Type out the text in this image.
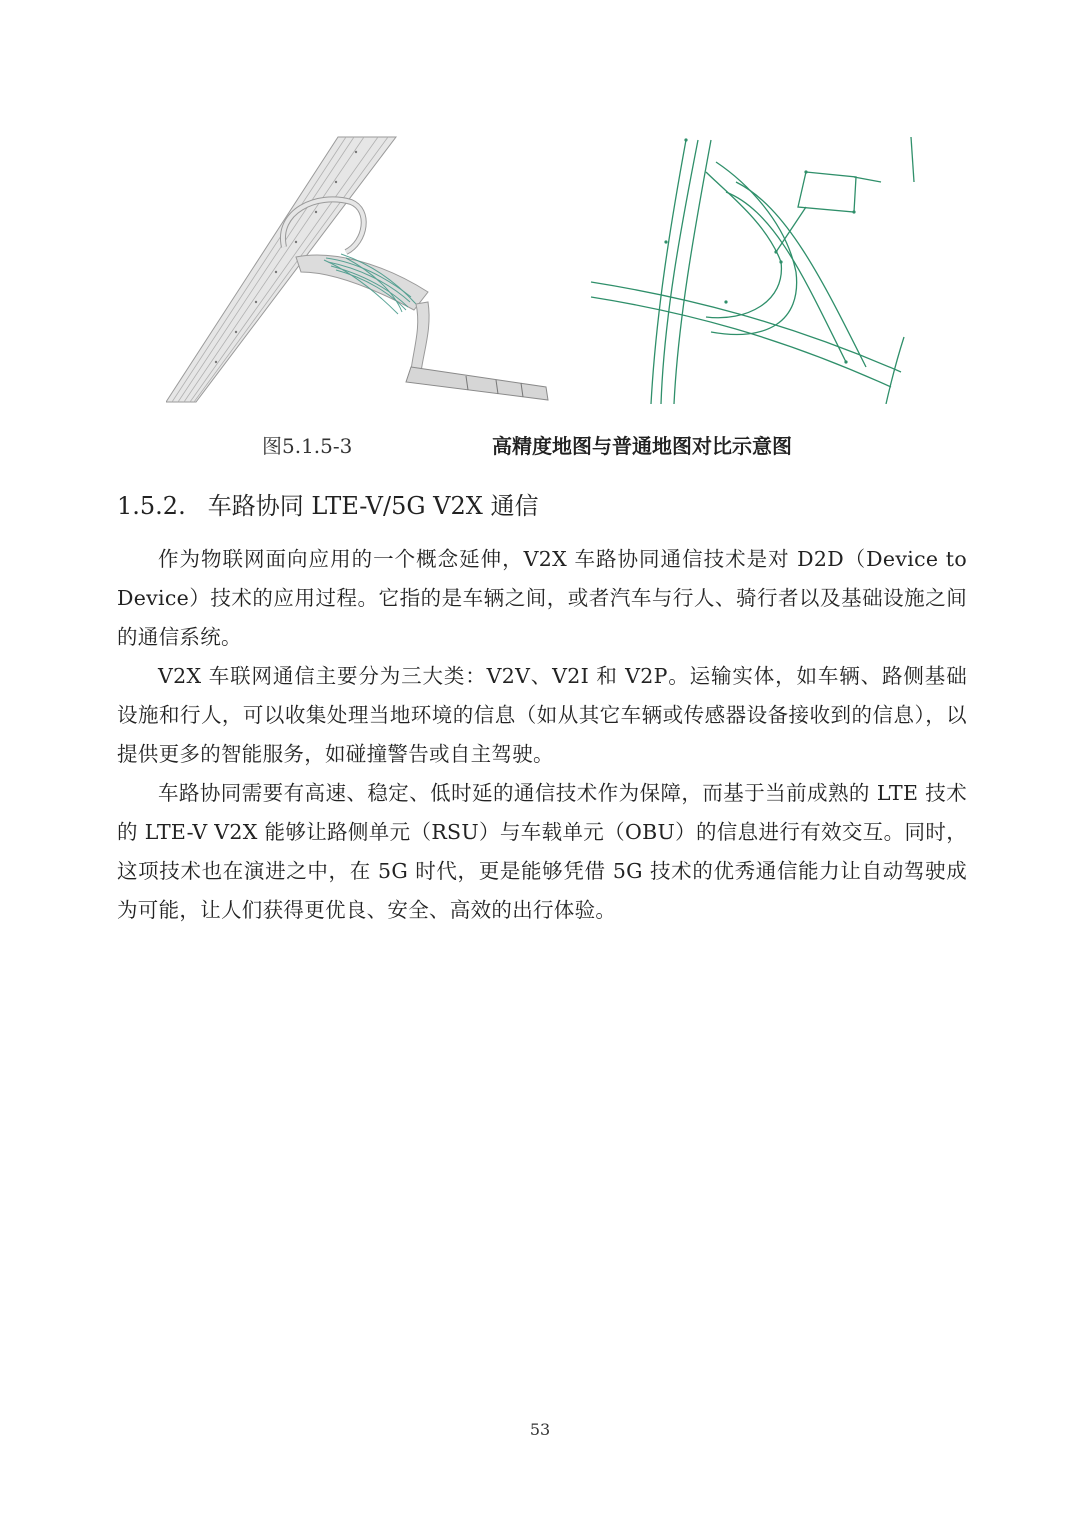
图5.1.5-3	高精度地图与普通地图对比示意图
1.5.2. 车路协同 LTE-V/5G V2X 通信

作为物联网面向应用的一个概念延伸，V2X 车路协同通信技术是对 D2D（Device to Device）技术的应用过程。它指的是车辆之间，或者汽车与行人、骑行者以及基础设施之间的通信系统。

V2X 车联网通信主要分为三大类：V2V、V2I 和 V2P。运输实体，如车辆、路侧基础设施和行人，可以收集处理当地环境的信息（如从其它车辆或传感器设备接收到的信息），以提供更多的智能服务，如碰撞警告或自主驾驶。

车路协同需要有高速、稳定、低时延的通信技术作为保障，而基于当前成熟的 LTE 技术的 LTE-V V2X 能够让路侧单元（RSU）与车载单元（OBU）的信息进行有效交互。同时，这项技术也在演进之中，在 5G 时代，更是能够凭借 5G 技术的优秀通信能力让自动驾驶成为可能，让人们获得更优良、安全、高效的出行体验。

53
